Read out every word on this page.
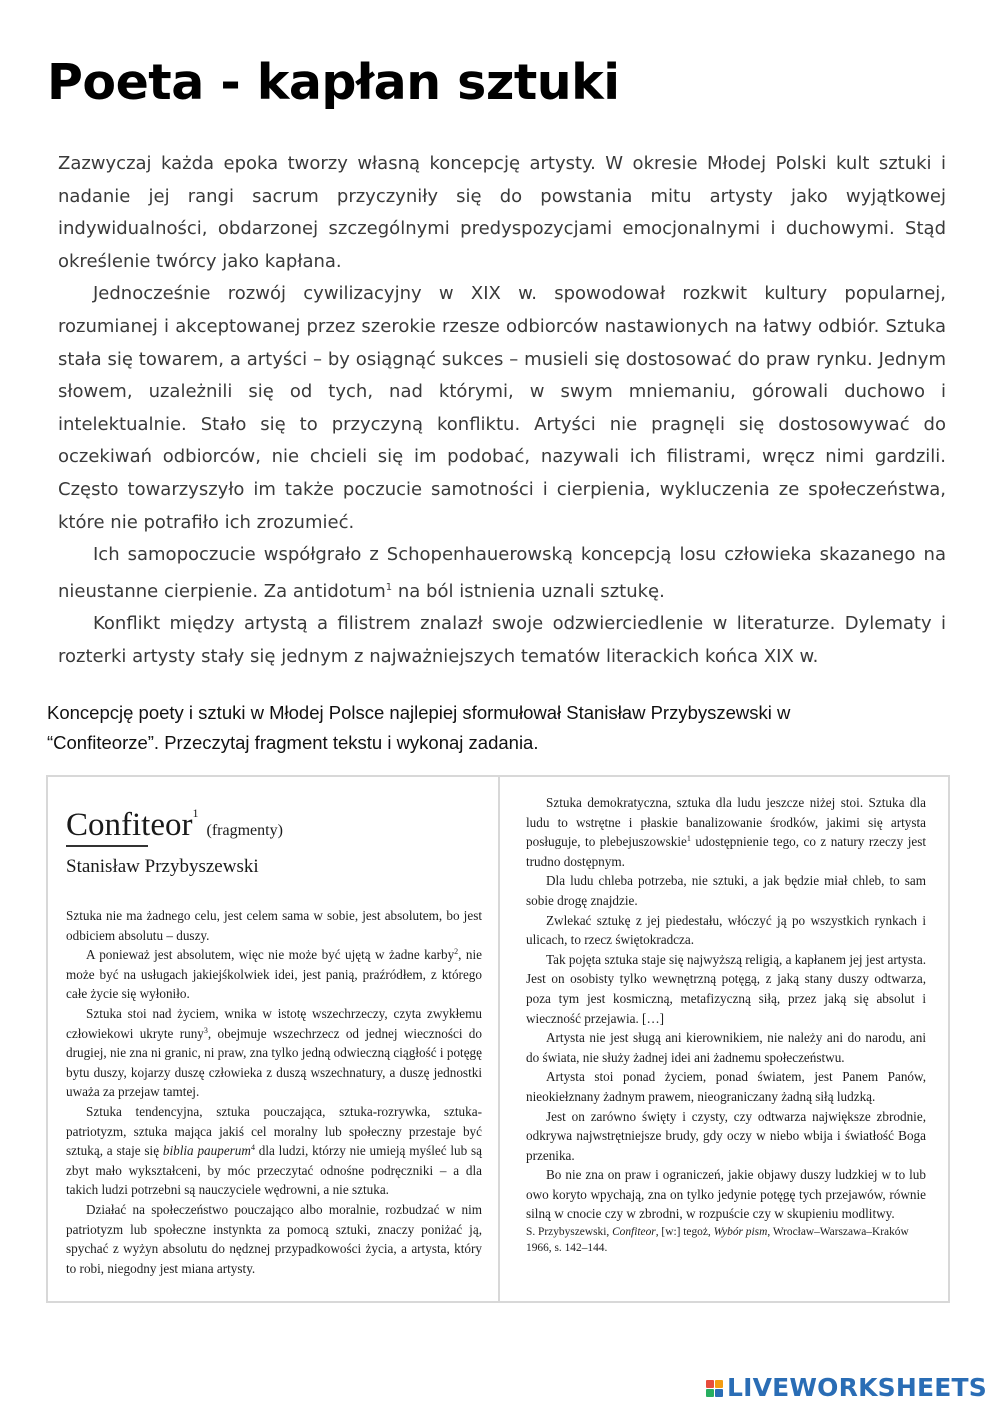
Poeta - kapłan sztuki

Zazwyczaj każda epoka tworzy własną koncepcję artysty. W okresie Młodej Polski kult sztuki i nadanie jej rangi sacrum przyczyniły się do powstania mitu artysty jako wyjątkowej indywidualności, obdarzonej szczególnymi predyspozycjami emocjonalnymi i duchowymi. Stąd określenie twórcy jako kapłana.

Jednocześnie rozwój cywilizacyjny w XIX w. spowodował rozkwit kultury popularnej, rozumianej i akceptowanej przez szerokie rzesze odbiorców nastawionych na łatwy odbiór. Sztuka stała się towarem, a artyści – by osiągnąć sukces – musieli się dostosować do praw rynku. Jednym słowem, uzależnili się od tych, nad którymi, w swym mniemaniu, górowali duchowo i intelektualnie. Stało się to przyczyną konfliktu. Artyści nie pragnęli się dostosowywać do oczekiwań odbiorców, nie chcieli się im podobać, nazywali ich filistrami, wręcz nimi gardzili. Często towarzyszyło im także poczucie samotności i cierpienia, wykluczenia ze społeczeństwa, które nie potrafiło ich zrozumieć.

Ich samopoczucie współgrało z Schopenhauerowską koncepcją losu człowieka skazanego na nieustanne cierpienie. Za antidotum$^1$ na ból istnienia uznali sztukę.

Konflikt między artystą a filistrem znalazł swoje odzwierciedlenie w literaturze. Dylematy i rozterki artysty stały się jednym z najważniejszych tematów literackich końca XIX w.

Koncepcję poety i sztuki w Młodej Polsce najlepiej sformułował Stanisław Przybyszewski w

“Confiteorze”. Przeczytaj fragment tekstu i wykonaj zadania.

Confiteor$^1$(fragmenty)
Stanisław Przybyszewski

Sztuka nie ma żadnego celu, jest celem sama w sobie, jest absolutem, bo jest odbiciem absolutu – duszy.

A ponieważ jest absolutem, więc nie może być ujętą w żadne karby$^2$, nie może być na usługach jakiejśkolwiek idei, jest panią, praźródłem, z którego całe życie się wyłoniło.

Sztuka stoi nad życiem, wnika w istotę wszechrzeczy, czyta zwykłemu człowiekowi ukryte runy$^3$, obejmuje wszechrzecz od jednej wieczności do drugiej, nie zna ni granic, ni praw, zna tylko jedną odwieczną ciągłość i potęgę bytu duszy, kojarzy duszę człowieka z duszą wszechnatury, a duszę jednostki uważa za przejaw tamtej.

Sztuka tendencyjna, sztuka pouczająca, sztuka-rozrywka, sztuka-patriotyzm, sztuka mająca jakiś cel moralny lub społeczny przestaje być sztuką, a staje się biblia pauperum$^4$ dla ludzi, którzy nie umieją myśleć lub są zbyt mało wykształceni, by móc przeczytać odnośne podręczniki – a dla takich ludzi potrzebni są nauczyciele wędrowni, a nie sztuka.

Działać na społeczeństwo pouczająco albo moralnie, rozbudzać w nim patriotyzm lub społeczne instynkta za pomocą sztuki, znaczy poniżać ją, spychać z wyżyn absolutu do nędznej przypadkowości życia, a artysta, który to robi, niegodny jest miana artysty.

Sztuka demokratyczna, sztuka dla ludu jeszcze niżej stoi. Sztuka dla ludu to wstrętne i płaskie banalizowanie środków, jakimi się artysta posługuje, to plebejuszowskie$^1$ udostępnienie tego, co z natury rzeczy jest trudno dostępnym.

Dla ludu chleba potrzeba, nie sztuki, a jak będzie miał chleb, to sam sobie drogę znajdzie.

Zwlekać sztukę z jej piedestału, włóczyć ją po wszystkich rynkach i ulicach, to rzecz świętokradcza.

Tak pojęta sztuka staje się najwyższą religią, a kapłanem jej jest artysta. Jest on osobisty tylko wewnętrzną potęgą, z jaką stany duszy odtwarza, poza tym jest kosmiczną, metafizyczną siłą, przez jaką się absolut i wieczność przejawia. […]

Artysta nie jest sługą ani kierownikiem, nie należy ani do narodu, ani do świata, nie służy żadnej idei ani żadnemu społeczeństwu.

Artysta stoi ponad życiem, ponad światem, jest Panem Panów, nieokiełznany żadnym prawem, nieograniczany żadną siłą ludzką.

Jest on zarówno święty i czysty, czy odtwarza największe zbrodnie, odkrywa najwstrętniejsze brudy, gdy oczy w niebo wbija i światłość Boga przenika.

Bo nie zna on praw i ograniczeń, jakie objawy duszy ludzkiej w to lub owo koryto wpychają, zna on tylko jedynie potęgę tych przejawów, równie silną w cnocie czy w zbrodni, w rozpuście czy w skupieniu modlitwy.

S. Przybyszewski, Confiteor, [w:] tegoż, Wybór pism, Wrocław–Warszawa–Kraków 1966, s. 142–144.

LIVEWORKSHEETS
